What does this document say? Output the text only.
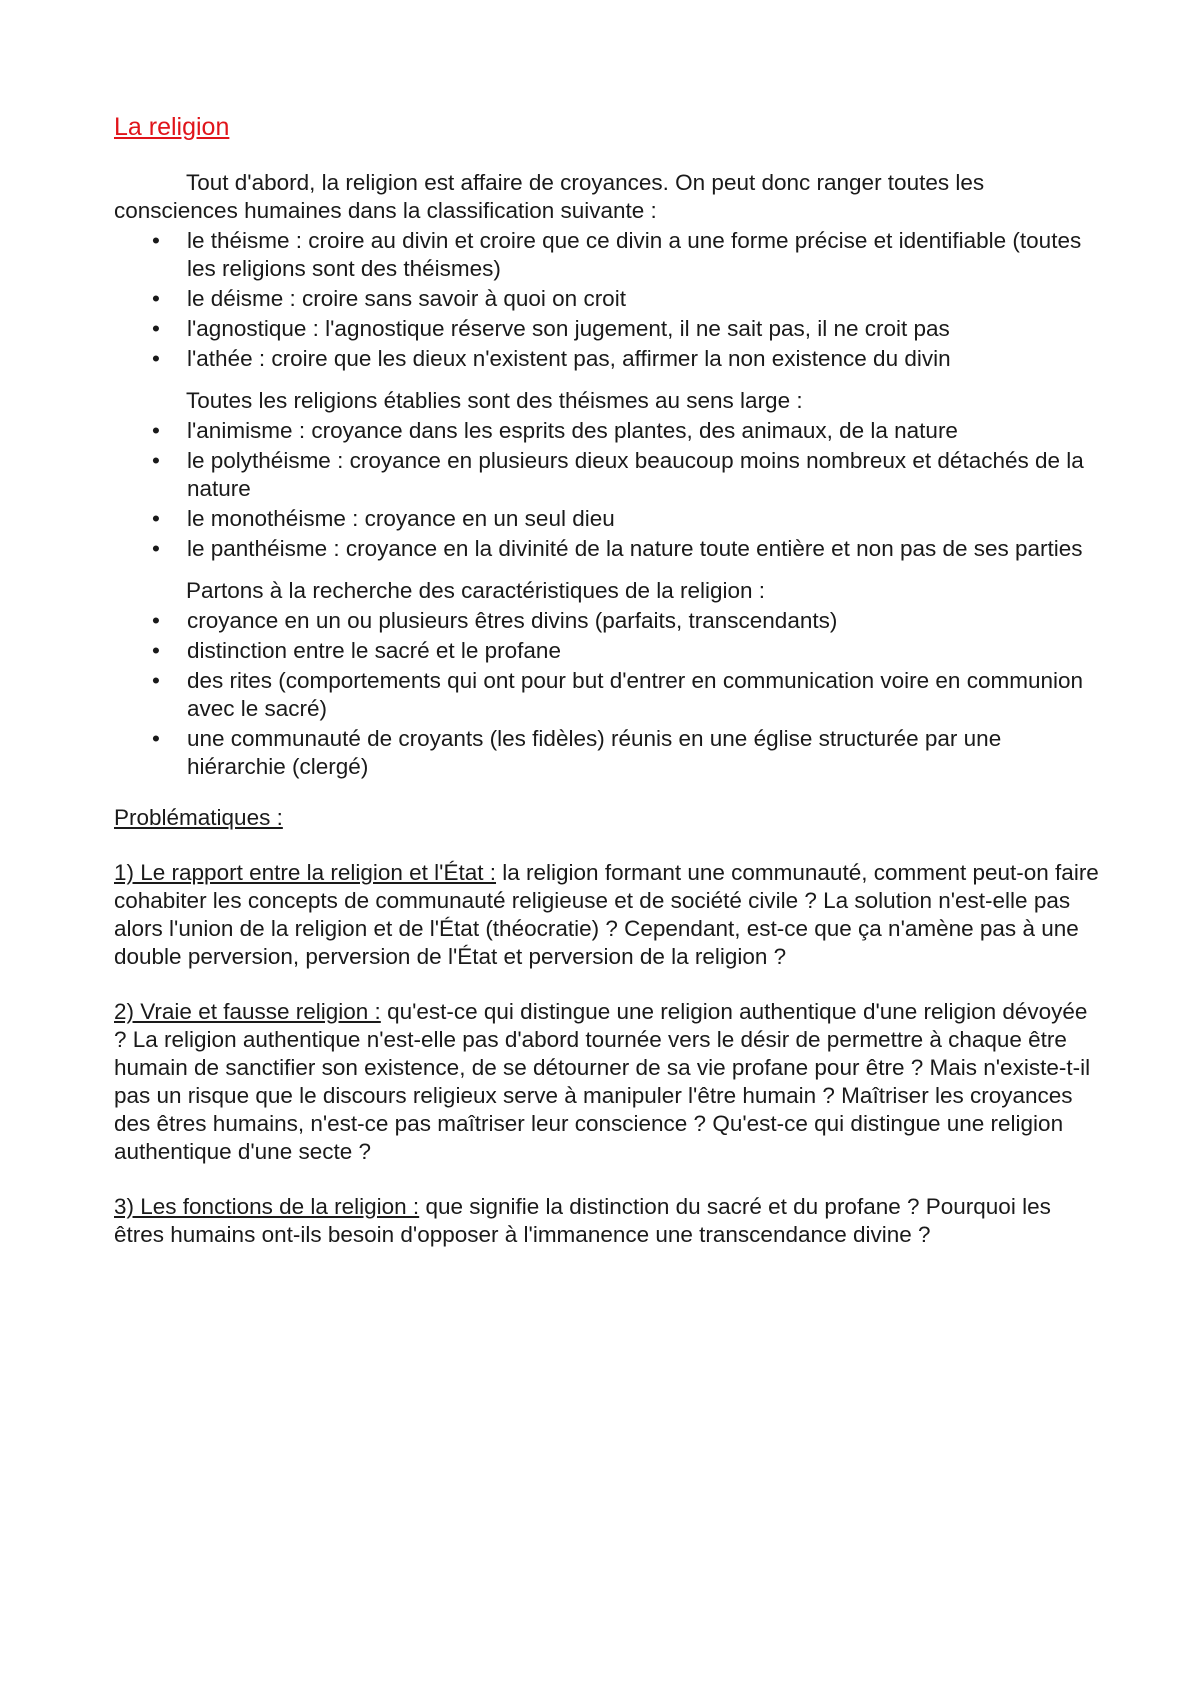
La religion

Tout d'abord, la religion est affaire de croyances. On peut donc ranger toutes les consciences humaines dans la classification suivante :

• le théisme : croire au divin et croire que ce divin a une forme précise et identifiable (toutes les religions sont des théismes)
• le déisme : croire sans savoir à quoi on croit
• l'agnostique : l'agnostique réserve son jugement, il ne sait pas, il ne croit pas
• l'athée : croire que les dieux n'existent pas, affirmer la non existence du divin

Toutes les religions établies sont des théismes au sens large :

• l'animisme : croyance dans les esprits des plantes, des animaux, de la nature
• le polythéisme : croyance en plusieurs dieux beaucoup moins nombreux et détachés de la nature
• le monothéisme : croyance en un seul dieu
• le panthéisme : croyance en la divinité de la nature toute entière et non pas de ses parties

Partons à la recherche des caractéristiques de la religion :

• croyance en un ou plusieurs êtres divins (parfaits, transcendants)
• distinction entre le sacré et le profane
• des rites (comportements qui ont pour but d'entrer en communication voire en communion avec le sacré)
• une communauté de croyants (les fidèles) réunis en une église structurée par une hiérarchie (clergé)

Problématiques :

1) Le rapport entre la religion et l'État : la religion formant une communauté, comment peut-on faire cohabiter les concepts de communauté religieuse et de société civile ? La solution n'est-elle pas alors l'union de la religion et de l'État (théocratie) ? Cependant, est-ce que ça n'amène pas à une double perversion, perversion de l'État et perversion de la religion ?

2) Vraie et fausse religion : qu'est-ce qui distingue une religion authentique d'une religion dévoyée ? La religion authentique n'est-elle pas d'abord tournée vers le désir de permettre à chaque être humain de sanctifier son existence, de se détourner de sa vie profane pour être ? Mais n'existe-t-il pas un risque que le discours religieux serve à manipuler l'être humain ? Maîtriser les croyances des êtres humains, n'est-ce pas maîtriser leur conscience ? Qu'est-ce qui distingue une religion authentique d'une secte ?

3) Les fonctions de la religion : que signifie la distinction du sacré et du profane ? Pourquoi les êtres humains ont-ils besoin d'opposer à l'immanence une transcendance divine ?
